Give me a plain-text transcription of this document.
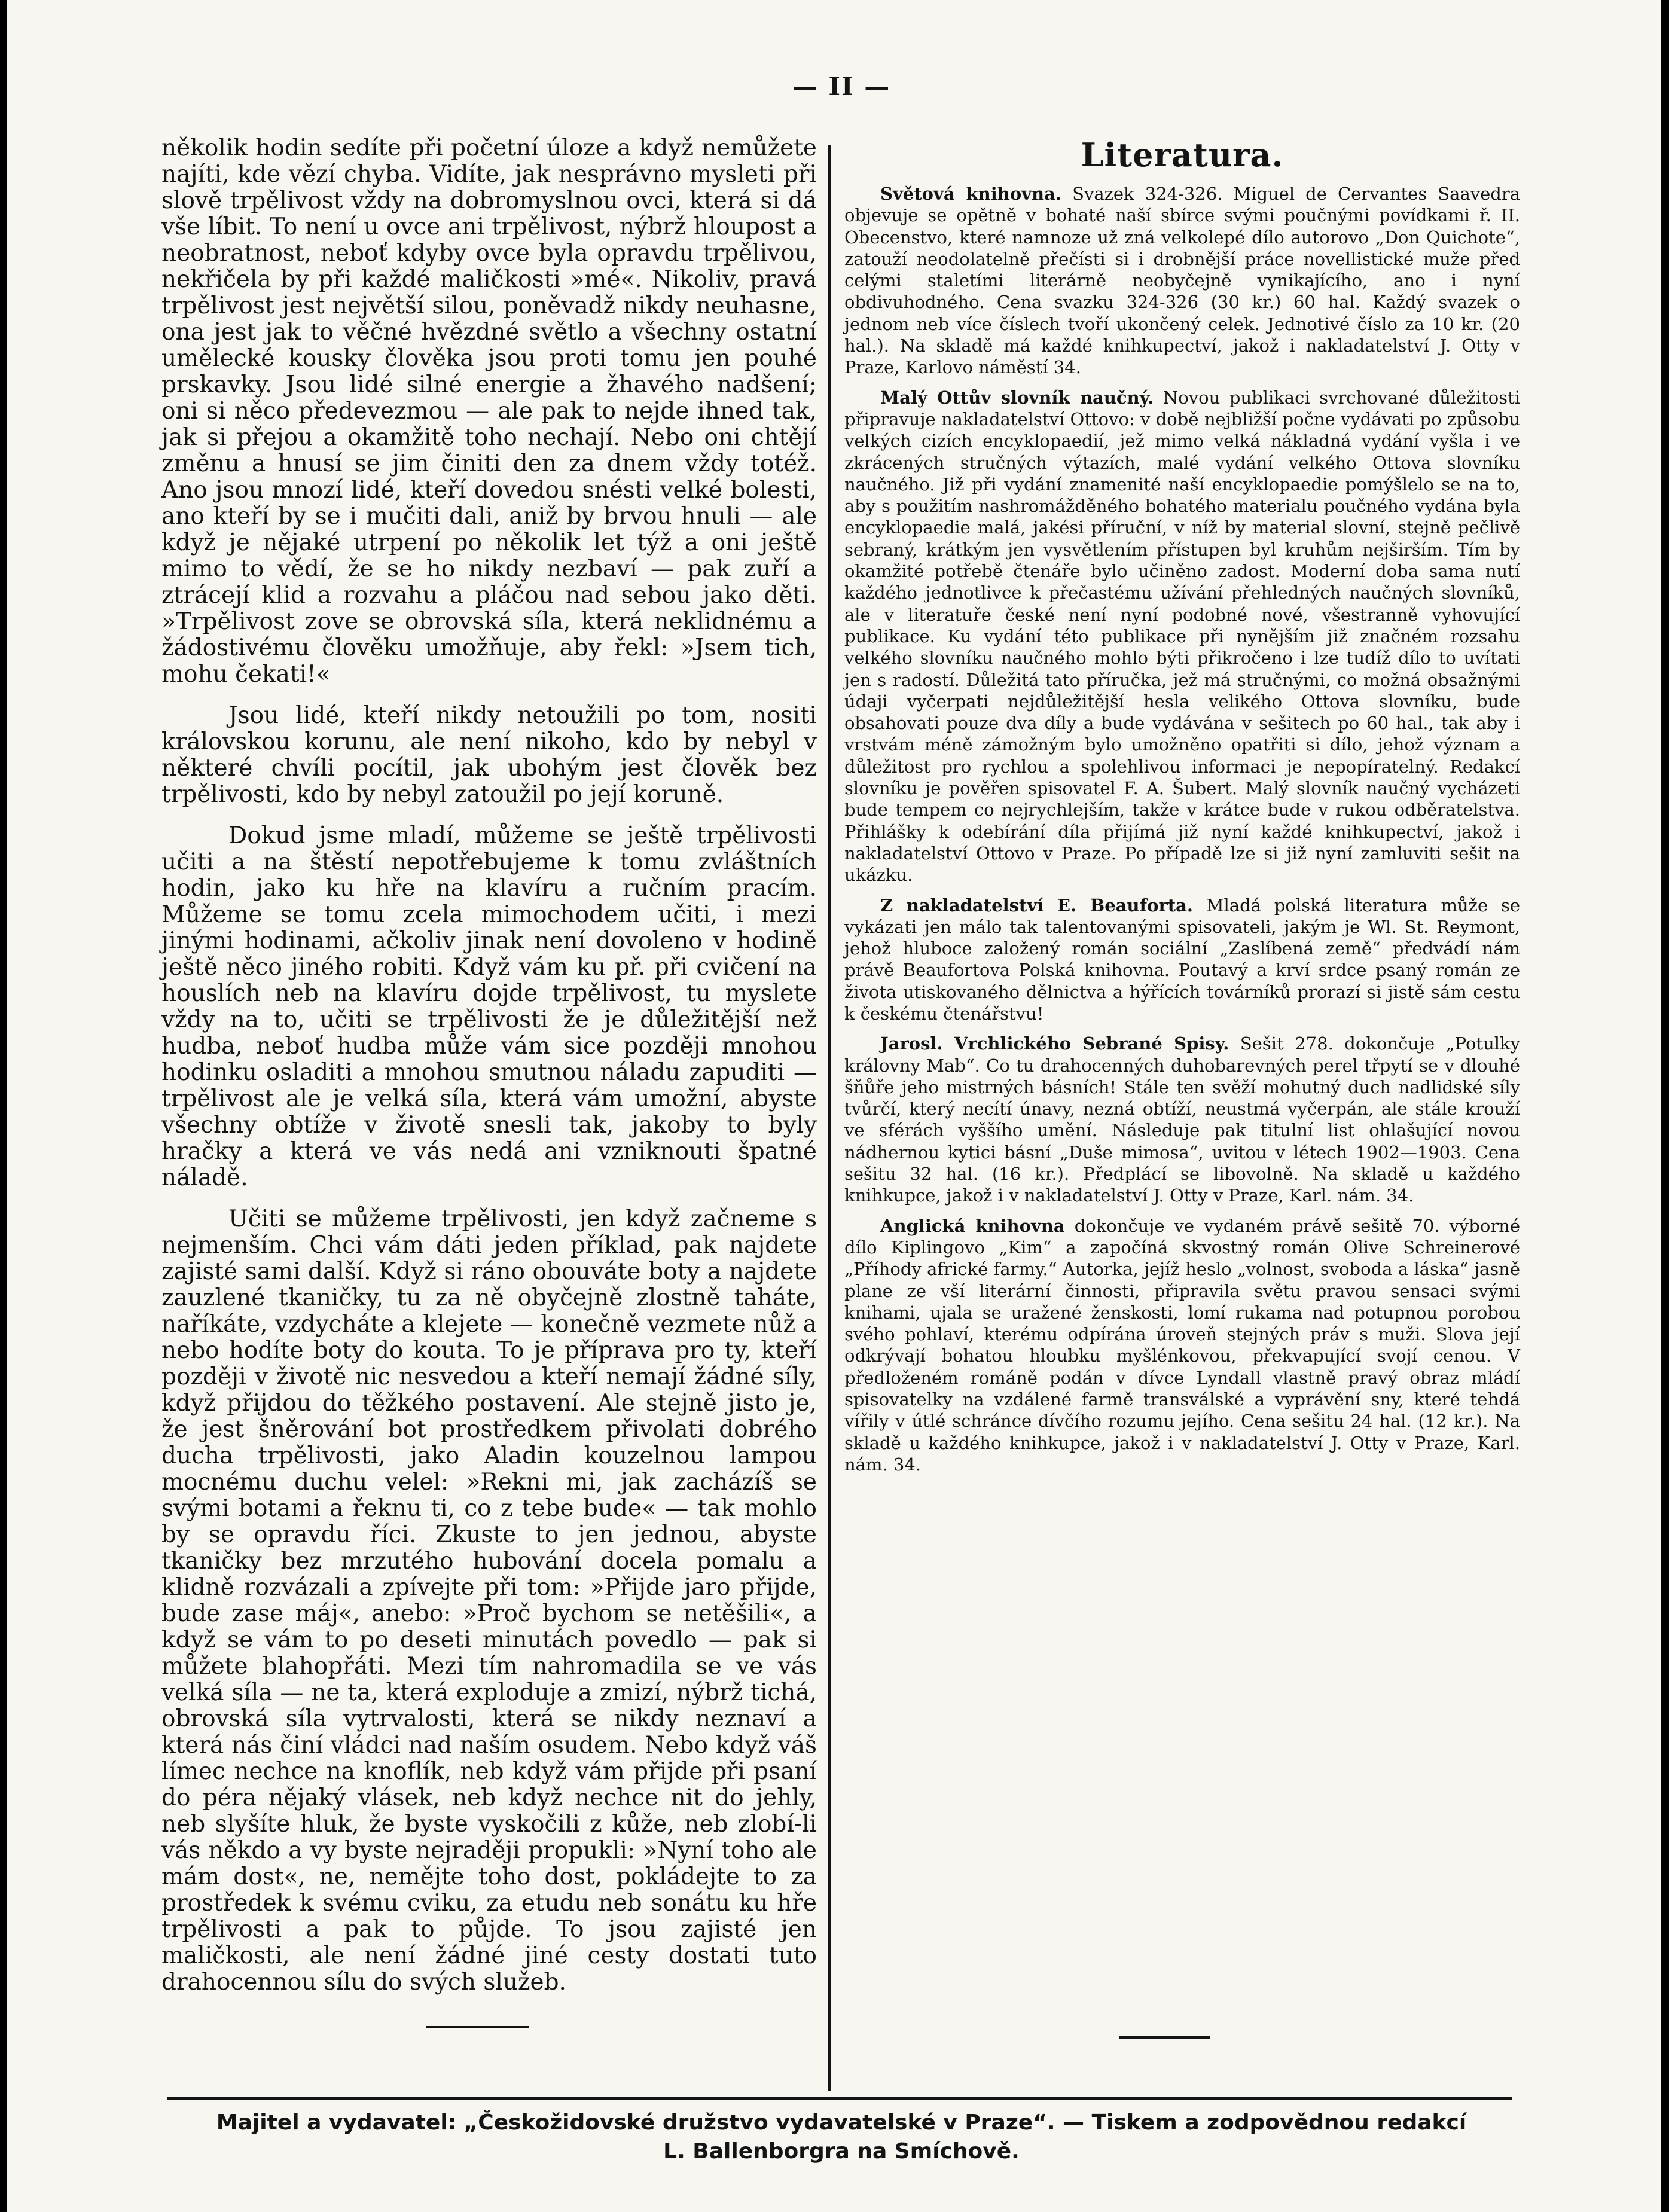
— II —

několik hodin sedíte při početní úloze a když nemůžete najíti, kde vězí chyba. Vidíte, jak nesprávno mysleti při slově trpělivost vždy na dobromyslnou ovci, která si dá vše líbit. To není u ovce ani trpělivost, nýbrž hloupost a neobratnost, neboť kdyby ovce byla opravdu trpělivou, nekřičela by při každé maličkosti »mé«. Nikoliv, pravá trpělivost jest největší silou, poněvadž nikdy neuhasne, ona jest jak to věčné hvězdné světlo a všechny ostatní umělecké kousky člověka jsou proti tomu jen pouhé prskavky. Jsou lidé silné energie a žhavého nadšení; oni si něco předevezmou — ale pak to nejde ihned tak, jak si přejou a okamžitě toho nechají. Nebo oni chtějí změnu a hnusí se jim činiti den za dnem vždy totéž. Ano jsou mnozí lidé, kteří dovedou snésti velké bolesti, ano kteří by se i mučiti dali, aniž by brvou hnuli — ale když je nějaké utrpení po několik let týž a oni ještě mimo to vědí, že se ho nikdy nezbaví — pak zuří a ztrácejí klid a rozvahu a pláčou nad sebou jako děti. »Trpělivost zove se obrovská síla, která neklidnému a žádostivému člověku umožňuje, aby řekl: »Jsem tich, mohu čekati!«

Jsou lidé, kteří nikdy netoužili po tom, nositi královskou korunu, ale není nikoho, kdo by nebyl v některé chvíli pocítil, jak ubohým jest člověk bez trpělivosti, kdo by nebyl zatoužil po její koruně.

Dokud jsme mladí, můžeme se ještě trpělivosti učiti a na štěstí nepotřebujeme k tomu zvláštních hodin, jako ku hře na klavíru a ručním pracím. Můžeme se tomu zcela mimochodem učiti, i mezi jinými hodinami, ačkoliv jinak není dovoleno v hodině ještě něco jiného robiti. Když vám ku př. při cvičení na houslích neb na klavíru dojde trpělivost, tu myslete vždy na to, učiti se trpělivosti že je důležitější než hudba, neboť hudba může vám sice později mnohou hodinku osladiti a mnohou smutnou náladu zapuditi — trpělivost ale je velká síla, která vám umožní, abyste všechny obtíže v životě snesli tak, jakoby to byly hračky a která ve vás nedá ani vzniknouti špatné náladě.

Učiti se můžeme trpělivosti, jen když začneme s nejmenším. Chci vám dáti jeden příklad, pak najdete zajisté sami další. Když si ráno obouváte boty a najdete zauzlené tkaničky, tu za ně obyčejně zlostně taháte, naříkáte, vzdycháte a klejete — konečně vezmete nůž a nebo hodíte boty do kouta. To je příprava pro ty, kteří později v životě nic nesvedou a kteří nemají žádné síly, když přijdou do těžkého postavení. Ale stejně jisto je, že jest šněrování bot prostředkem přivolati dobrého ducha trpělivosti, jako Aladin kouzelnou lampou mocnému duchu velel: »Rekni mi, jak zacházíš se svými botami a řeknu ti, co z tebe bude« — tak mohlo by se opravdu říci. Zkuste to jen jednou, abyste tkaničky bez mrzutého hubování docela pomalu a klidně rozvázali a zpívejte při tom: »Přijde jaro přijde, bude zase máj«, anebo: »Proč bychom se netěšili«, a když se vám to po deseti minutách povedlo — pak si můžete blahopřáti. Mezi tím nahromadila se ve vás velká síla — ne ta, která exploduje a zmizí, nýbrž tichá, obrovská síla vytrvalosti, která se nikdy neznaví a která nás činí vládci nad naším osudem. Nebo když váš límec nechce na knoflík, neb když vám přijde při psaní do péra nějaký vlásek, neb když nechce nit do jehly, neb slyšíte hluk, že byste vyskočili z kůže, neb zlobí-li vás někdo a vy byste nejraději propukli: »Nyní toho ale mám dost«, ne, nemějte toho dost, pokládejte to za prostředek k svému cviku, za etudu neb sonátu ku hře trpělivosti a pak to půjde. To jsou zajisté jen maličkosti, ale není žádné jiné cesty dostati tuto drahocennou sílu do svých služeb.

Literatura.

Světová knihovna. Svazek 324-326. Miguel de Cervantes Saavedra objevuje se opětně v bohaté naší sbírce svými poučnými povídkami ř. II. Obecenstvo, které namnoze už zná velkolepé dílo autorovo „Don Quichote“, zatouží neodolatelně přečísti si i drobnější práce novellistické muže před celými staletími literárně neobyčejně vynikajícího, ano i nyní obdivuhodného. Cena svazku 324-326 (30 kr.) 60 hal. Každý svazek o jednom neb více číslech tvoří ukončený celek. Jednotivé číslo za 10 kr. (20 hal.). Na skladě má každé knihkupectví, jakož i nakladatelství J. Otty v Praze, Karlovo náměstí 34.

Malý Ottův slovník naučný. Novou publikaci svrchované důležitosti připravuje nakladatelství Ottovo: v době nejbližší počne vydávati po způsobu velkých cizích encyklopaedií, jež mimo velká nákladná vydání vyšla i ve zkrácených stručných výtazích, malé vydání velkého Ottova slovníku naučného. Již při vydání znamenité naší encyklopaedie pomýšlelo se na to, aby s použitím nashromážděného bohatého materialu poučného vydána byla encyklopaedie malá, jakési příruční, v níž by material slovní, stejně pečlivě sebraný, krátkým jen vysvětlením přístupen byl kruhům nejširším. Tím by okamžité potřebě čtenáře bylo učiněno zadost. Moderní doba sama nutí každého jednotlivce k přečastému užívání přehledných naučných slovníků, ale v literatuře české není nyní podobné nové, všestranně vyhovující publikace. Ku vydání této publikace při nynějším již značném rozsahu velkého slovníku naučného mohlo býti přikročeno i lze tudíž dílo to uvítati jen s radostí. Důležitá tato příručka, jež má stručnými, co možná obsažnými údaji vyčerpati nejdůležitější hesla velikého Ottova slovníku, bude obsahovati pouze dva díly a bude vydávána v sešitech po 60 hal., tak aby i vrstvám méně zámožným bylo umožněno opatřiti si dílo, jehož význam a důležitost pro rychlou a spolehlivou informaci je nepopíratelný. Redakcí slovníku je pověřen spisovatel F. A. Šubert. Malý slovník naučný vycházeti bude tempem co nejrychlejším, takže v krátce bude v rukou odběratelstva. Přihlášky k odebírání díla přijímá již nyní každé knihkupectví, jakož i nakladatelství Ottovo v Praze. Po případě lze si již nyní zamluviti sešit na ukázku.

Z nakladatelství E. Beauforta. Mladá polská literatura může se vykázati jen málo tak talentovanými spisovateli, jakým je Wl. St. Reymont, jehož hluboce založený román sociální „Zaslíbená země“ předvádí nám právě Beaufortova Polská knihovna. Poutavý a krví srdce psaný román ze života utiskovaného dělnictva a hýřících továrníků prorazí si jistě sám cestu k českému čtenářstvu!

Jarosl. Vrchlického Sebrané Spisy. Sešit 278. dokončuje „Potulky královny Mab“. Co tu drahocenných duhobarevných perel třpytí se v dlouhé šňůře jeho mistrných básních! Stále ten svěží mohutný duch nadlidské síly tvůrčí, který necítí únavy, nezná obtíží, neustmá vyčerpán, ale stále krouží ve sférách vyššího umění. Následuje pak titulní list ohlašující novou nádhernou kytici básní „Duše mimosa“, uvitou v létech 1902—1903. Cena sešitu 32 hal. (16 kr.). Předplácí se libovolně. Na skladě u každého knihkupce, jakož i v nakladatelství J. Otty v Praze, Karl. nám. 34.

Anglická knihovna dokončuje ve vydaném právě sešitě 70. výborné dílo Kiplingovo „Kim“ a započíná skvostný román Olive Schreinerové „Příhody africké farmy.“ Autorka, jejíž heslo „volnost, svoboda a láska“ jasně plane ze vší literární činnosti, připravila světu pravou sensaci svými knihami, ujala se uražené ženskosti, lomí rukama nad potupnou porobou svého pohlaví, kterému odpírána úroveň stejných práv s muži. Slova její odkrývají bohatou hloubku myšlénkovou, překvapující svojí cenou. V předloženém románě podán v dívce Lyndall vlastně pravý obraz mládí spisovatelky na vzdálené farmě transválské a vyprávění sny, které tehdá vířily v útlé schránce dívčího rozumu jejího. Cena sešitu 24 hal. (12 kr.). Na skladě u každého knihkupce, jakož i v nakladatelství J. Otty v Praze, Karl. nám. 34.

Majitel a vydavatel: „Českožidovské družstvo vydavatelské v Praze“. — Tiskem a zodpovědnou redakcí
L. Ballenborgra na Smíchově.
